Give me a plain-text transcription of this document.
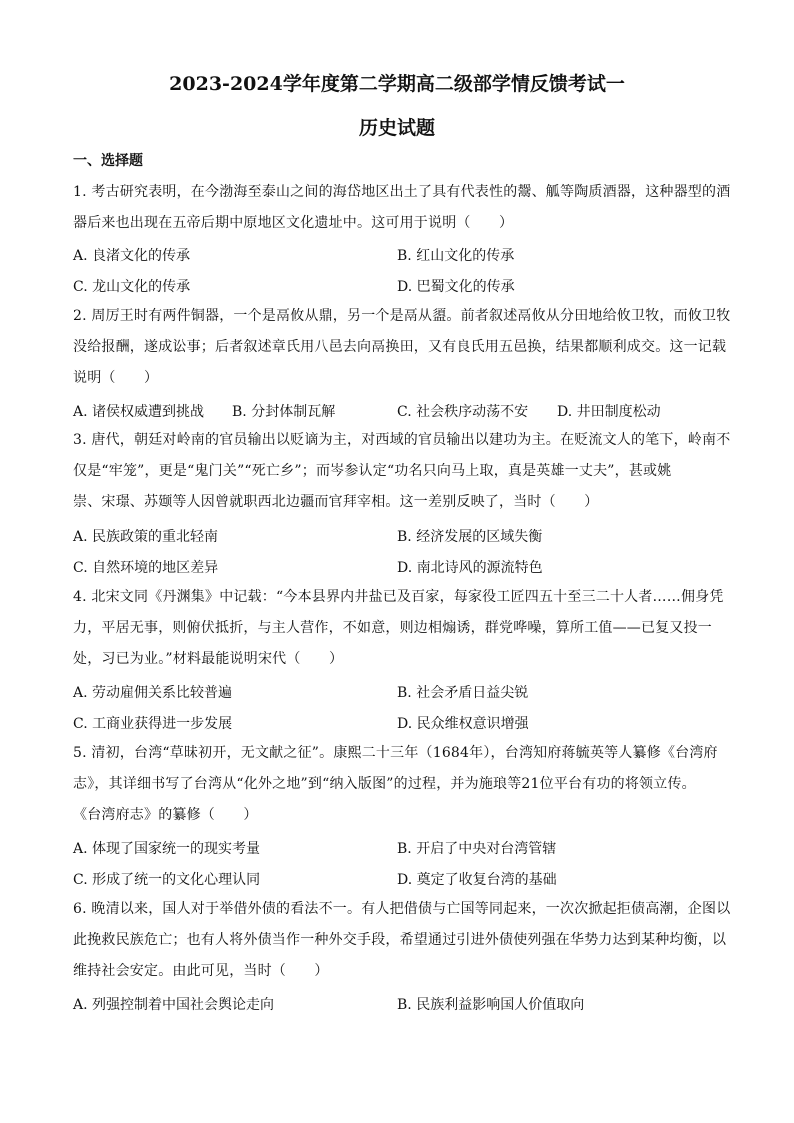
2023-2024学年度第二学期高二级部学情反馈考试一
历史试题
一、选择题
1. 考古研究表明，在今渤海至泰山之间的海岱地区出土了具有代表性的鬶、觚等陶质酒器，这种器型的酒
器后来也出现在五帝后期中原地区文化遗址中。这可用于说明（　　）
A. 良渚文化的传承	B. 红山文化的传承
C. 龙山文化的传承	D. 巴蜀文化的传承
2. 周厉王时有两件铜器，一个是鬲攸从鼎，另一个是鬲从盨。前者叙述鬲攸从分田地给攸卫牧，而攸卫牧
没给报酬，遂成讼事；后者叙述章氏用八邑去向鬲换田，又有良氏用五邑换，结果都顺利成交。这一记载
说明（　　）
A. 诸侯权威遭到挑战 B. 分封体制瓦解	C. 社会秩序动荡不安 D. 井田制度松动
3. 唐代，朝廷对岭南的官员输出以贬谪为主，对西域的官员输出以建功为主。在贬流文人的笔下，岭南不
仅是“牢笼”，更是“鬼门关”“死亡乡”；而岑参认定“功名只向马上取，真是英雄一丈夫”，甚或姚
崇、宋璟、苏颋等人因曾就职西北边疆而官拜宰相。这一差别反映了，当时（　　）
A. 民族政策的重北轻南	B. 经济发展的区域失衡
C. 自然环境的地区差异	D. 南北诗风的源流特色
4. 北宋文同《丹渊集》中记载：“今本县界内井盐已及百家，每家役工匠四五十至三二十人者……佣身凭
力，平居无事，则俯伏抵折，与主人营作，不如意，则边相煽诱，群党哗噪，算所工值——已复又投一
处，习已为业。”材料最能说明宋代（　　）
A. 劳动雇佣关系比较普遍	B. 社会矛盾日益尖锐
C. 工商业获得进一步发展	D. 民众维权意识增强
5. 清初，台湾“草昧初开，无文献之征”。康熙二十三年（1684年），台湾知府蒋毓英等人纂修《台湾府
志》，其详细书写了台湾从“化外之地”到“纳入版图”的过程，并为施琅等21位平台有功的将领立传。
《台湾府志》的纂修（　　）
A. 体现了国家统一的现实考量	B. 开启了中央对台湾管辖
C. 形成了统一的文化心理认同	D. 奠定了收复台湾的基础
6. 晚清以来，国人对于举借外债的看法不一。有人把借债与亡国等同起来，一次次掀起拒债高潮，企图以
此挽救民族危亡；也有人将外债当作一种外交手段，希望通过引进外债使列强在华势力达到某种均衡，以
维持社会安定。由此可见，当时（　　）
A. 列强控制着中国社会舆论走向	B. 民族利益影响国人价值取向
